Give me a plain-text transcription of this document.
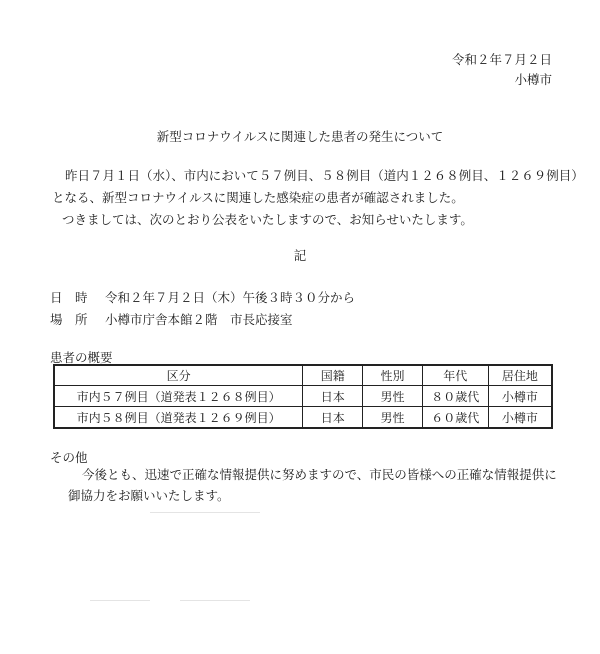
令和２年７月２日
小樽市
新型コロナウイルスに関連した患者の発生について
昨日７月１日（水）、市内において５７例目、５８例目（道内１２６８例目、１２６９例目）
となる、新型コロナウイルスに関連した感染症の患者が確認されました。
つきましては、次のとおり公表をいたしますので、お知らせいたします。
記
日　時 令和２年７月２日（木）午後３時３０分から
場　所 小樽市庁舎本館２階　市長応接室
患者の概要
区分	国籍	性別	年代	居住地
市内５７例目（道発表１２６８例目）	日本	男性	８０歳代	小樽市
市内５８例目（道発表１２６９例目）	日本	男性	６０歳代	小樽市
その他
今後とも、迅速で正確な情報提供に努めますので、市民の皆様への正確な情報提供に
御協力をお願いいたします。
